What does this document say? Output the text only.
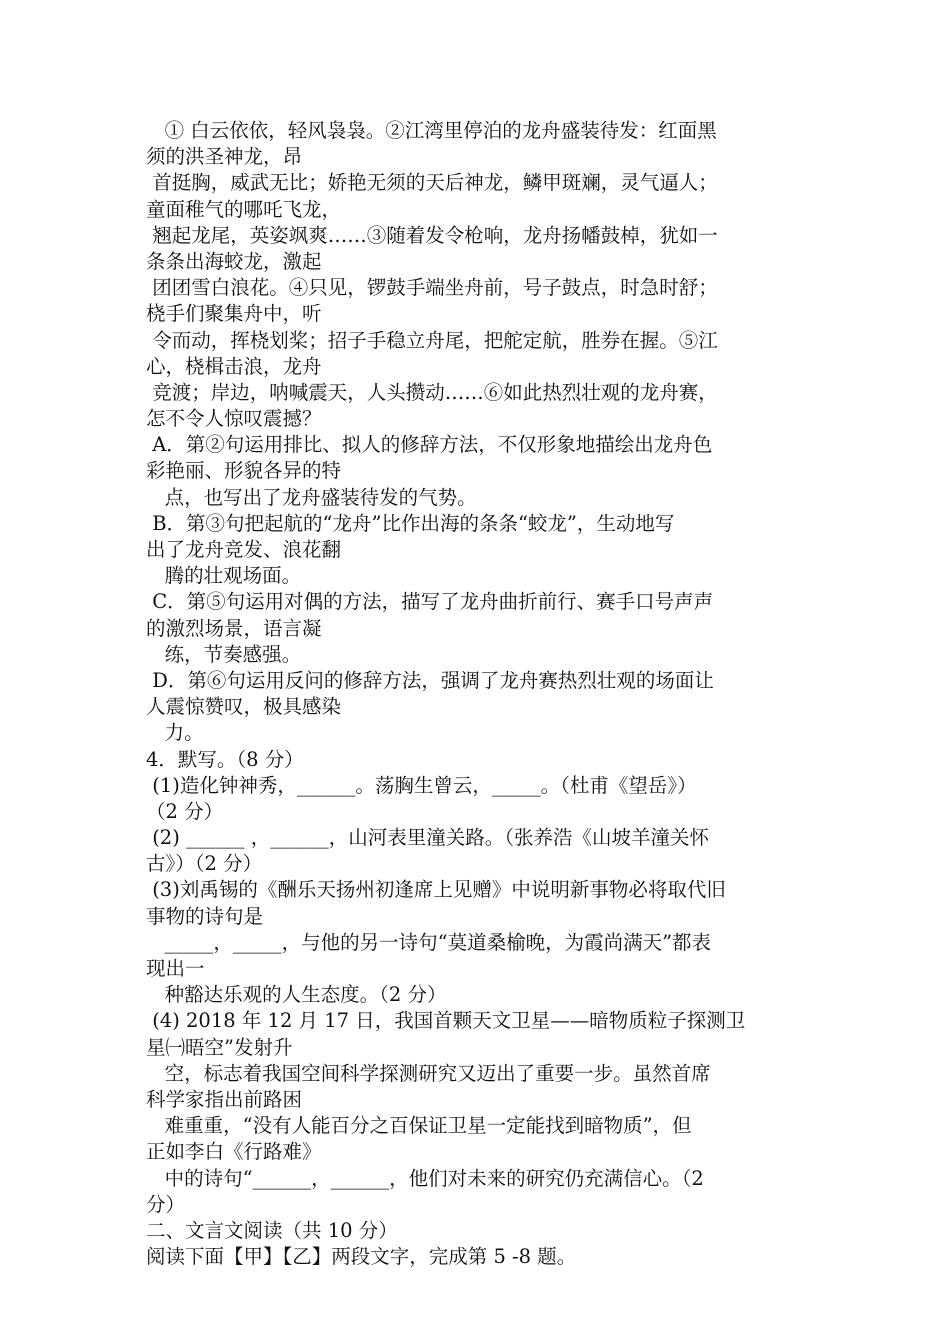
① 白云依依，轻风袅袅。②江湾里停泊的龙舟盛装待发：红面黑
须的洪圣神龙，昂
首挺胸，威武无比；娇艳无须的天后神龙，鳞甲斑斓，灵气逼人；
童面稚气的哪吒飞龙，
翘起龙尾，英姿飒爽……③随着发令枪响，龙舟扬幡鼓棹，犹如一
条条出海蛟龙，激起
团团雪白浪花。④只见，锣鼓手端坐舟前，号子鼓点，时急时舒；
桡手们聚集舟中，听
令而动，挥桡划桨；招子手稳立舟尾，把舵定航，胜券在握。⑤江
心，桡楫击浪，龙舟
竞渡；岸边，呐喊震天，人头攒动……⑥如此热烈壮观的龙舟赛，
怎不令人惊叹震撼？
A．第②句运用排比、拟人的修辞方法，不仅形象地描绘出龙舟色
彩艳丽、形貌各异的特
点，也写出了龙舟盛装待发的气势。
B．第③句把起航的“龙舟”比作出海的条条“蛟龙”，生动地写
出了龙舟竞发、浪花翻
腾的壮观场面。
C．第⑤句运用对偶的方法，描写了龙舟曲折前行、赛手口号声声
的激烈场景，语言凝
练，节奏感强。
D．第⑥句运用反问的修辞方法，强调了龙舟赛热烈壮观的场面让
人震惊赞叹，极具感染
力。
4．默写。（8 分）
(1)造化钟神秀，______。荡胸生曾云，_____。（杜甫《望岳》）
（2 分）
(2) ______ ，______，山河表里潼关路。（张养浩《山坡羊潼关怀
古》）（2 分）
(3)刘禹锡的《酬乐天扬州初逢席上见赠》中说明新事物必将取代旧
事物的诗句是
_____，_____，与他的另一诗句“莫道桑榆晚，为霞尚满天”都表
现出一
种豁达乐观的人生态度。（2 分）
(4) 2018 年 12 月 17 日，我国首颗天文卫星——暗物质粒子探测卫
星㈠晤空”发射升
空，标志着我国空间科学探测研究又迈出了重要一步。虽然首席
科学家指出前路困
难重重，“没有人能百分之百保证卫星一定能找到暗物质”，但
正如李白《行路难》
中的诗句“______，______，他们对未来的研究仍充满信心。（2
分）
二、文言文阅读（共 10 分）
阅读下面【甲】【乙】两段文字，完成第 5 -8 题。
